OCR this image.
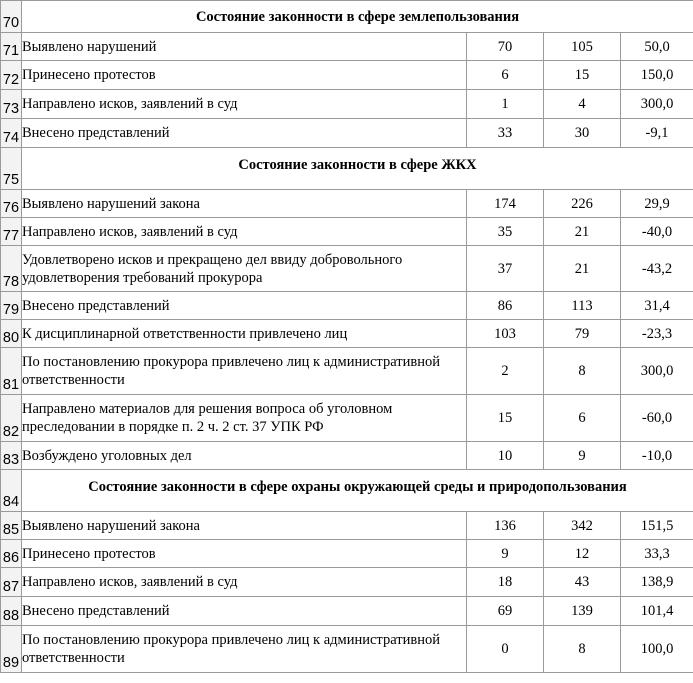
70	Состояние законности в сфере землепользования			
71	Выявлено нарушений	70	105	50,0
72	Принесено протестов	6	15	150,0
73	Направлено исков, заявлений в суд	1	4	300,0
74	Внесено представлений	33	30	-9,1
75	Состояние законности в сфере ЖКХ			
76	Выявлено нарушений закона	174	226	29,9
77	Направлено исков, заявлений в суд	35	21	-40,0
78	Удовлетворено исков и прекращено дел ввиду добровольного удовлетворения требований прокурора	37	21	-43,2
79	Внесено представлений	86	113	31,4
80	К дисциплинарной ответственности привлечено лиц	103	79	-23,3
81	По постановлению прокурора привлечено лиц к административной ответственности	2	8	300,0
82	Направлено материалов для решения вопроса об уголовном преследовании в порядке п. 2 ч. 2 ст. 37 УПК РФ	15	6	-60,0
83	Возбуждено уголовных дел	10	9	-10,0
84	Состояние законности в сфере охраны окружающей среды и природопользования			
85	Выявлено нарушений закона	136	342	151,5
86	Принесено протестов	9	12	33,3
87	Направлено исков, заявлений в суд	18	43	138,9
88	Внесено представлений	69	139	101,4
89	По постановлению прокурора привлечено лиц к административной ответственности	0	8	100,0
